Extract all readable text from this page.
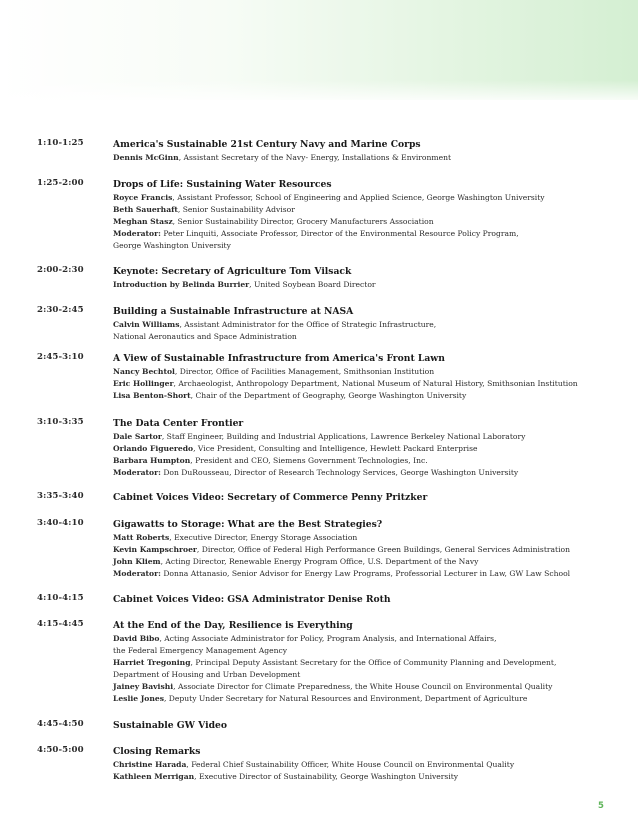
1:10-1:25	America's Sustainable 21st Century Navy and Marine Corps
Dennis McGinn, Assistant Secretary of the Navy- Energy, Installations & Environment
1:25-2:00	Drops of Life: Sustaining Water Resources
Royce Francis, Assistant Professor, School of Engineering and Applied Science, George Washington University
Beth Sauerhaft, Senior Sustainability Advisor
Meghan Stasz, Senior Sustainability Director, Grocery Manufacturers Association
Moderator: Peter Linquiti, Associate Professor, Director of the Environmental Resource Policy Program,
George Washington University
2:00-2:30	Keynote: Secretary of Agriculture Tom Vilsack
Introduction by Belinda Burrier, United Soybean Board Director
2:30-2:45	Building a Sustainable Infrastructure at NASA
Calvin Williams, Assistant Administrator for the Office of Strategic Infrastructure,
National Aeronautics and Space Administration
2:45-3:10	A View of Sustainable Infrastructure from America's Front Lawn
Nancy Bechtol, Director, Office of Facilities Management, Smithsonian Institution
Eric Hollinger, Archaeologist, Anthropology Department, National Museum of Natural History, Smithsonian Institution
Lisa Benton-Short, Chair of the Department of Geography, George Washington University
3:10-3:35	The Data Center Frontier
Dale Sartor, Staff Engineer, Building and Industrial Applications, Lawrence Berkeley National Laboratory
Orlando Figueredo, Vice President, Consulting and Intelligence, Hewlett Packard Enterprise
Barbara Humpton, President and CEO, Siemens Government Technologies, Inc.
Moderator: Don DuRousseau, Director of Research Technology Services, George Washington University
3:35-3:40	Cabinet Voices Video: Secretary of Commerce Penny Pritzker
3:40-4:10	Gigawatts to Storage: What are the Best Strategies?
Matt Roberts, Executive Director, Energy Storage Association
Kevin Kampschroer, Director, Office of Federal High Performance Green Buildings, General Services Administration
John Kliem, Acting Director, Renewable Energy Program Office, U.S. Department of the Navy
Moderator: Donna Attanasio, Senior Advisor for Energy Law Programs, Professorial Lecturer in Law, GW Law School
4:10-4:15	Cabinet Voices Video: GSA Administrator Denise Roth
4:15-4:45	At the End of the Day, Resilience is Everything
David Bibo, Acting Associate Administrator for Policy, Program Analysis, and International Affairs,
the Federal Emergency Management Agency
Harriet Tregoning, Principal Deputy Assistant Secretary for the Office of Community Planning and Development,
Department of Housing and Urban Development
Jainey Bavishi, Associate Director for Climate Preparedness, the White House Council on Environmental Quality
Leslie Jones, Deputy Under Secretary for Natural Resources and Environment, Department of Agriculture
4:45-4:50	Sustainable GW Video
4:50-5:00	Closing Remarks
Christine Harada, Federal Chief Sustainability Officer, White House Council on Environmental Quality
Kathleen Merrigan, Executive Director of Sustainability, George Washington University
5
